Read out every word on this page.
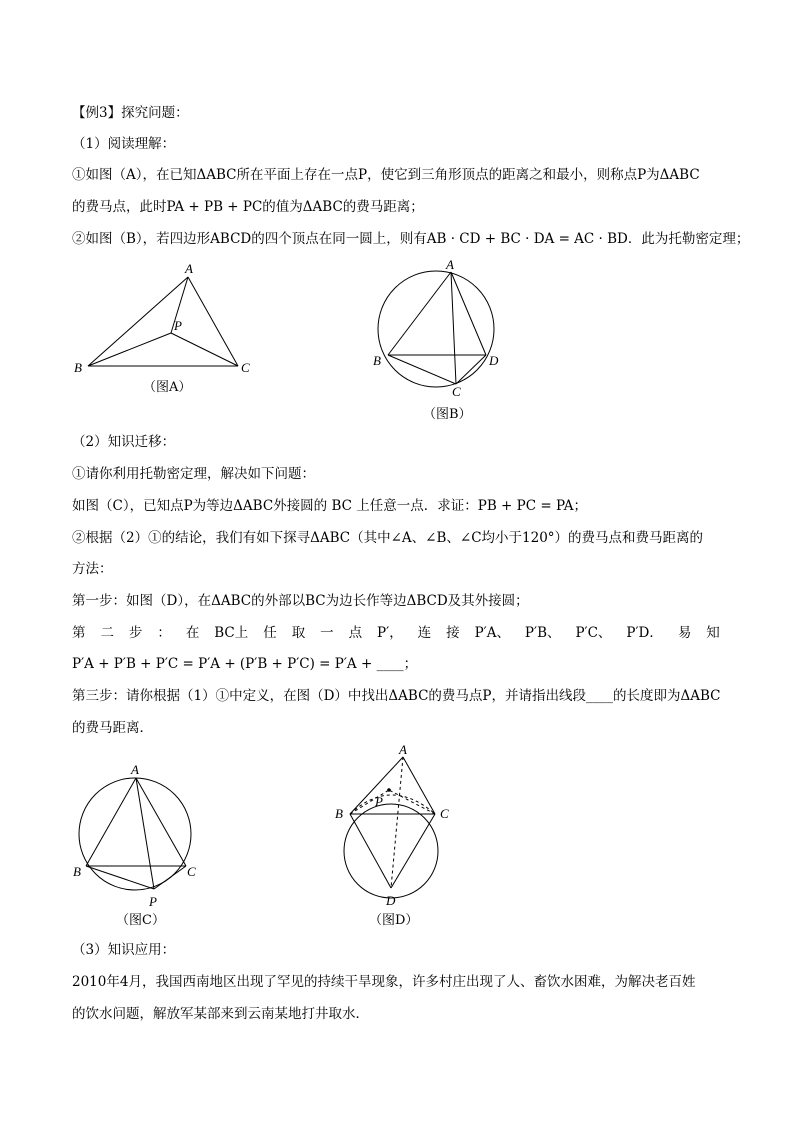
【例3】探究问题：
（1）阅读理解：
①如图（A），在已知ΔABC所在平面上存在一点P，使它到三角形顶点的距离之和最小，则称点P为ΔABC
的费马点，此时PA + PB + PC的值为ΔABC的费马距离；
②如图（B），若四边形ABCD的四个顶点在同一圆上，则有AB · CD + BC · DA = AC · BD．此为托勒密定理；
A
B	C
P
（图A）
A
B
C
D
（图B）
（2）知识迁移：
①请你利用托勒密定理，解决如下问题：
如图（C），已知点P为等边ΔABC外接圆的 BC 上任意一点．求证：PB + PC = PA；
②根据（2）①的结论，我们有如下探寻ΔABC（其中∠A、∠B、∠C均小于120°）的费马点和费马距离的
方法：
第一步：如图（D），在ΔABC的外部以BC为边长作等边ΔBCD及其外接圆；
第 二 步 ： 在 BC上 任 取 一 点 P′， 连 接 P′A、 P′B、 P′C、 P′D． 易 知
P′A + P′B + P′C = P′A + (P′B + P′C) = P′A + ____；
第三步：请你根据（1）①中定义，在图（D）中找出ΔABC的费马点P，并请指出线段____的长度即为ΔABC
的费马距离．
A
B	C
P
（图C）
A
B	C
D
P
（图D）
（3）知识应用：
2010年4月，我国西南地区出现了罕见的持续干旱现象，许多村庄出现了人、畜饮水困难，为解决老百姓
的饮水问题，解放军某部来到云南某地打井取水．
